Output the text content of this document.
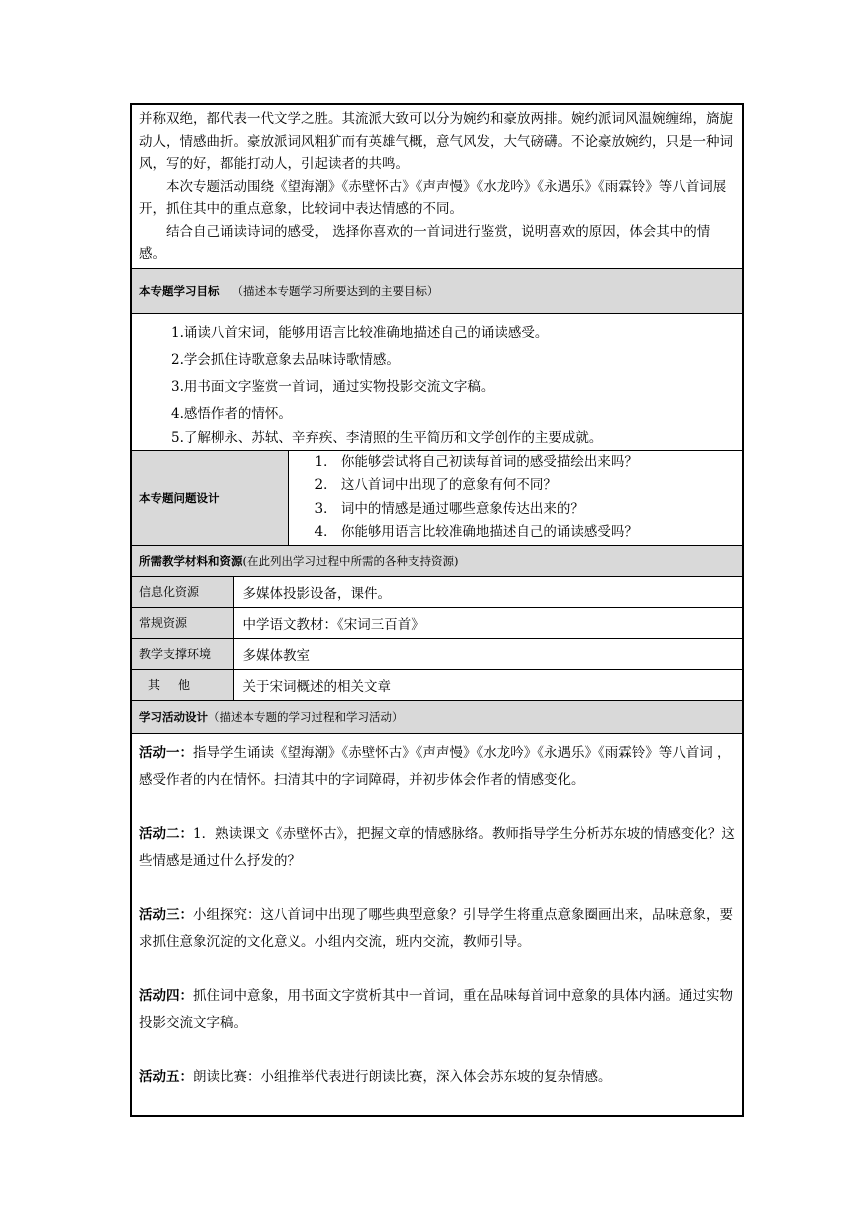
并称双绝，都代表一代文学之胜。其流派大致可以分为婉约和豪放两排。婉约派词风温婉缠绵，旖旎动人，情感曲折。豪放派词风粗犷而有英雄气概，意气风发，大气磅礴。不论豪放婉约，只是一种词风，写的好，都能打动人，引起读者的共鸣。

本次专题活动围绕《望海潮》《赤壁怀古》《声声慢》《水龙吟》《永遇乐》《雨霖铃》等八首词展开，抓住其中的重点意象，比较词中表达情感的不同。

结合自己诵读诗词的感受， 选择你喜欢的一首词进行鉴赏，说明喜欢的原因，体会其中的情感。		

本专题学习目标 （描述本专题学习所要达到的主要目标）		

1.诵读八首宋词，能够用语言比较准确地描述自己的诵读感受。
2.学会抓住诗歌意象去品味诗歌情感。
3.用书面文字鉴赏一首词，通过实物投影交流文字稿。
4.感悟作者的情怀。
5.了解柳永、苏轼、辛弃疾、李清照的生平简历和文学创作的主要成就。		

本专题问题设计		1． 你能够尝试将自己初读每首词的感受描绘出来吗？
2． 这八首词中出现了的意象有何不同？
3． 词中的情感是通过哪些意象传达出来的？
4． 你能够用语言比较准确地描述自己的诵读感受吗？

所需教学材料和资源(在此列出学习过程中所需的各种支持资源)		
信息化资源	多媒体投影设备，课件。	
常规资源	中学语文教材：《宋词三百首》	
教学支撑环境	多媒体教室	
其他	关于宋词概述的相关文章	
学习活动设计（描述本专题的学习过程和学习活动）		

活动一：指导学生诵读《望海潮》《赤壁怀古》《声声慢》《水龙吟》《永遇乐》《雨霖铃》等八首词 ，感受作者的内在情怀。扫清其中的字词障碍，并初步体会作者的情感变化。

活动二：1．熟读课文《赤壁怀古》，把握文章的情感脉络。教师指导学生分析苏东坡的情感变化？这些情感是通过什么抒发的？

活动三：小组探究：这八首词中出现了哪些典型意象？引导学生将重点意象圈画出来，品味意象，要求抓住意象沉淀的文化意义。小组内交流，班内交流，教师引导。

活动四：抓住词中意象，用书面文字赏析其中一首词，重在品味每首词中意象的具体内涵。通过实物投影交流文字稿。

活动五：朗读比赛：小组推举代表进行朗读比赛，深入体会苏东坡的复杂情感。		
